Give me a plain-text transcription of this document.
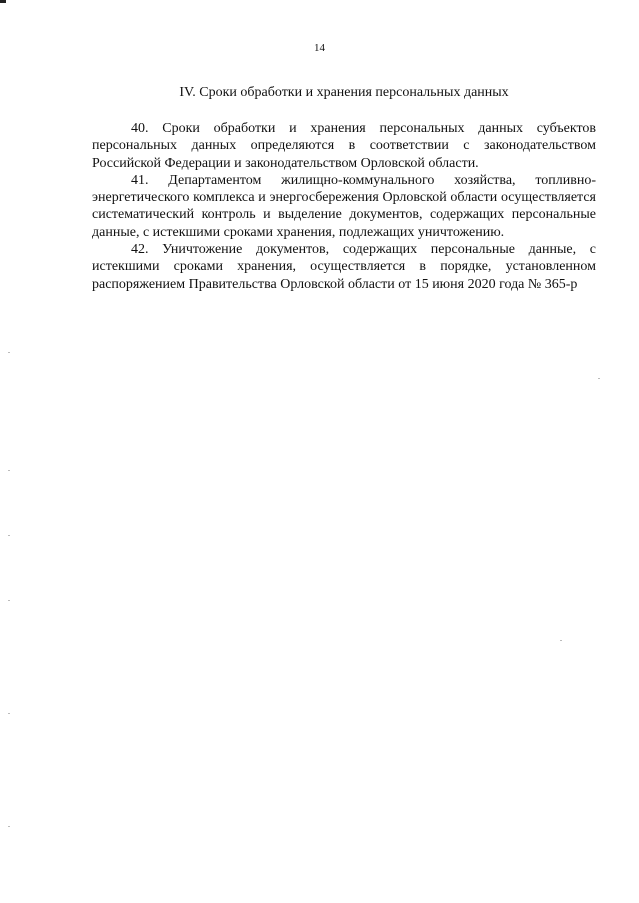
14
IV. Сроки обработки и хранения персональных данных

40. Сроки обработки и хранения персональных данных субъектов персональных данных определяются в соответствии с законодательством Российской Федерации и законодательством Орловской области.

41. Департаментом жилищно-коммунального хозяйства, топливно-энергетического комплекса и энергосбережения Орловской области осуществляется систематический контроль и выделение документов, содержащих персональные данные, с истекшими сроками хранения, подлежащих уничтожению.

42. Уничтожение документов, содержащих персональные данные, с истекшими сроками хранения, осуществляется в порядке, установленном распоряжением Правительства Орловской области от 15 июня 2020 года № 365-р
